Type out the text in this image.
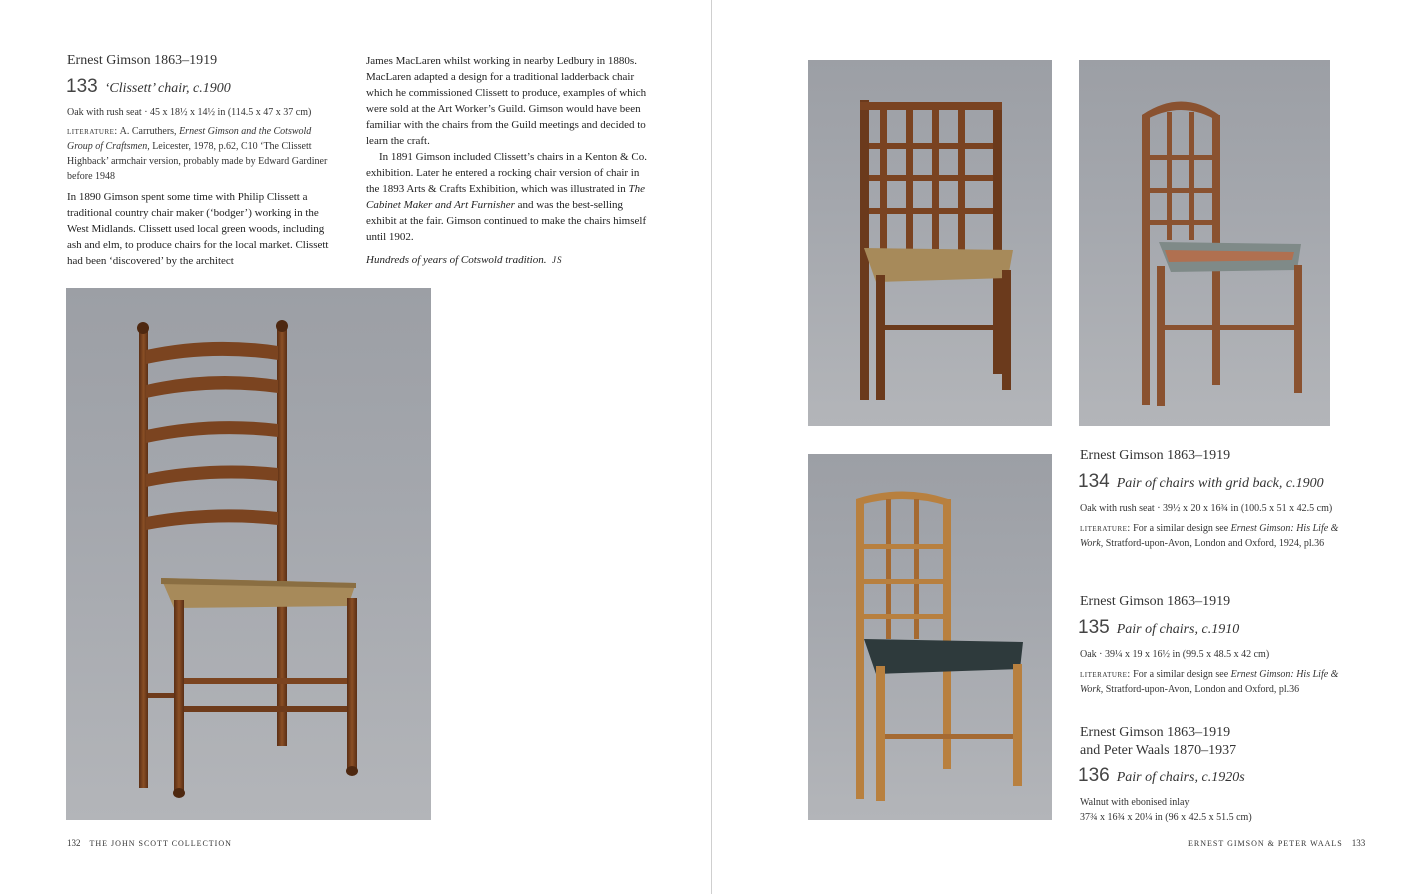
Ernest Gimson 1863–1919
133 ‘Clissett’ chair, c.1900
Oak with rush seat · 45 x 18½ x 14½ in (114.5 x 47 x 37 cm)
literature: A. Carruthers, Ernest Gimson and the Cotswold Group of Craftsmen, Leicester, 1978, p.62, C10 ‘The Clissett Highback’ armchair version, probably made by Edward Gardiner before 1948

In 1890 Gimson spent some time with Philip Clissett a traditional country chair maker (‘bodger’) working in the West Midlands. Clissett used local green woods, including ash and elm, to produce chairs for the local market. Clissett had been ‘discovered’ by the architect

James MacLaren whilst working in nearby Ledbury in 1880s. MacLaren adapted a design for a traditional ladderback chair which he commissioned Clissett to produce, examples of which were sold at the Art Worker’s Guild. Gimson would have been familiar with the chairs from the Guild meetings and decided to learn the craft.

In 1891 Gimson included Clissett’s chairs in a Kenton & Co. exhibition. Later he entered a rocking chair version of chair in the 1893 Arts & Crafts Exhibition, which was illustrated in The Cabinet Maker and Art Furnisher and was the best-selling exhibit at the fair. Gimson continued to make the chairs himself until 1902.

Hundreds of years of Cotswold tradition. JS

132 THE JOHN SCOTT COLLECTION
Ernest Gimson 1863–1919
134 Pair of chairs with grid back, c.1900
Oak with rush seat · 39½ x 20 x 16¾ in (100.5 x 51 x 42.5 cm)
literature: For a similar design see Ernest Gimson: His Life & Work, Stratford-upon-Avon, London and Oxford, 1924, pl.36
Ernest Gimson 1863–1919
135 Pair of chairs, c.1910
Oak · 39¼ x 19 x 16½ in (99.5 x 48.5 x 42 cm)
literature: For a similar design see Ernest Gimson: His Life & Work, Stratford-upon-Avon, London and Oxford, pl.36
Ernest Gimson 1863–1919
and Peter Waals 1870–1937
136 Pair of chairs, c.1920s
Walnut with ebonised inlay
37¾ x 16¾ x 20¼ in (96 x 42.5 x 51.5 cm)
ERNEST GIMSON & PETER WAALS 133
